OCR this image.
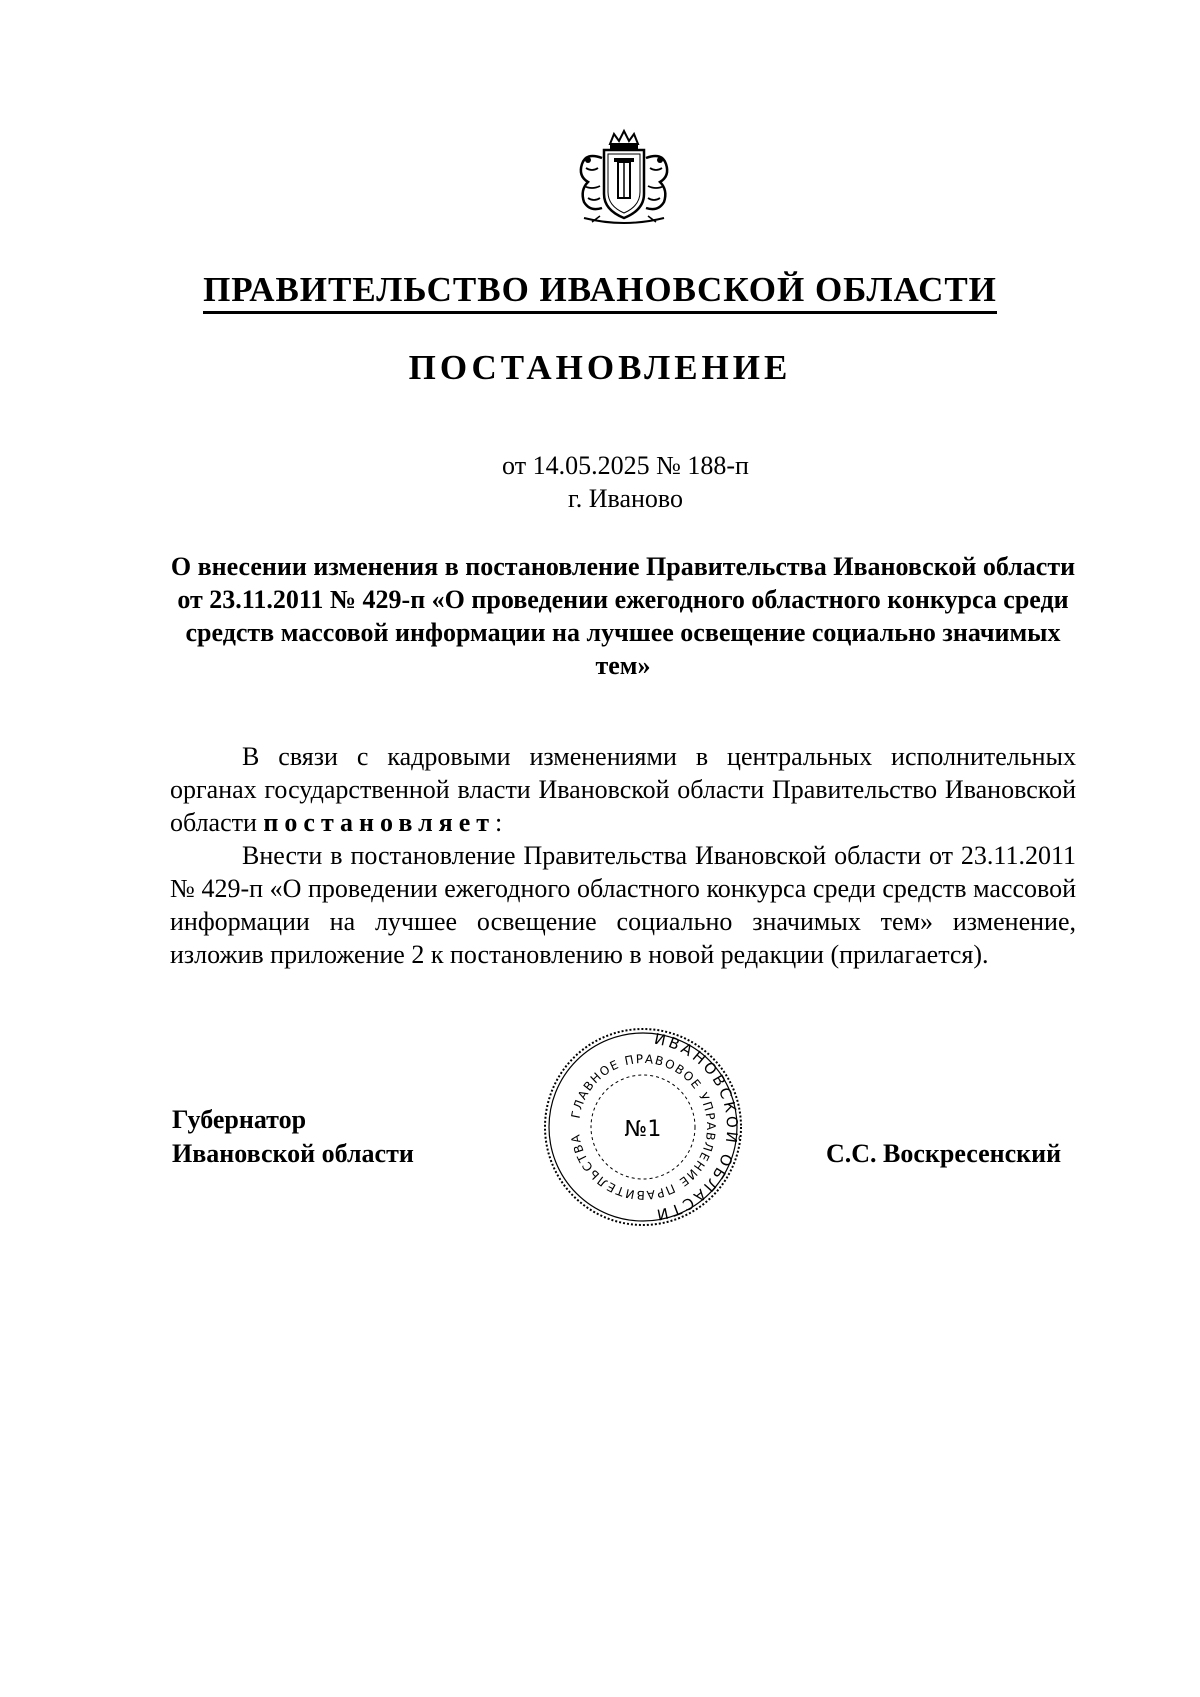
ПРАВИТЕЛЬСТВО ИВАНОВСКОЙ ОБЛАСТИ
ПОСТАНОВЛЕНИЕ
от 14.05.2025 № 188-п
г. Иваново
О внесении изменения в постановление Правительства Ивановской области от 23.11.2011 № 429-п «О проведении ежегодного областного конкурса среди средств массовой информации на лучшее освещение социально значимых тем»

В связи с кадровыми изменениями в центральных исполнительных органах государственной власти Ивановской области Правительство Ивановской области постановляет:

Внести в постановление Правительства Ивановской области от 23.11.2011 № 429-п «О проведении ежегодного областного конкурса среди средств массовой информации на лучшее освещение социально значимых тем» изменение, изложив приложение 2 к постановлению в новой редакции (прилагается).

Губернатор
Ивановской области
ИВАНОВСКОЙ ОБЛАСТИ
ГЛАВНОЕ ПРАВОВОЕ УПРАВЛЕНИЕ ПРАВИТЕЛЬСТВА	№1
С.С. Воскресенский
